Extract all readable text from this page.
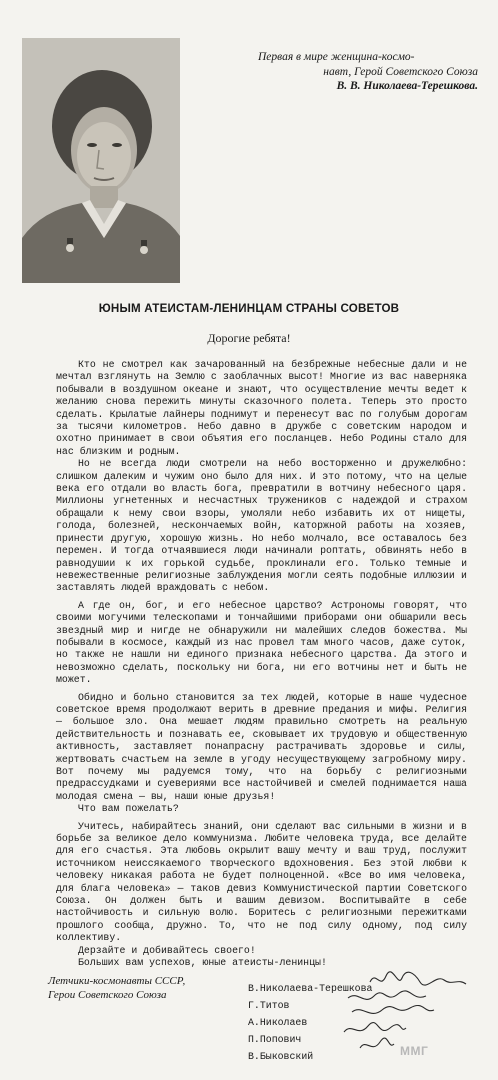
Первая в мире женщина-космо-
навт, Герой Советского Союза
В. В. Николаева-Терешкова.
ЮНЫМ АТЕИСТАМ-ЛЕНИНЦАМ СТРАНЫ СОВЕТОВ
Дорогие ребята!

Кто не смотрел как зачарованный на безбрежные небесные дали и не мечтал взглянуть на Землю с заоблачных высот! Многие из вас наверняка побывали в воздушном океане и знают, что осуществление мечты ведет к желанию снова пережить минуты сказочного полета. Теперь это просто сделать. Крылатые лайнеры поднимут и перенесут вас по голубым дорогам за тысячи километров. Небо давно в дружбе с советским народом и охотно принимает в свои объятия его посланцев. Небо Родины стало для нас близким и родным.

Но не всегда люди смотрели на небо восторженно и дружелюбно: слишком далеким и чужим оно было для них. И это потому, что на целые века его отдали во власть бога, превратили в вотчину небесного царя. Миллионы угнетенных и несчастных тружеников с надеждой и страхом обращали к нему свои взоры, умоляли небо избавить их от нищеты, голода, болезней, нескончаемых войн, каторжной работы на хозяев, принести другую, хорошую жизнь. Но небо молчало, все оставалось без перемен. И тогда отчаявшиеся люди начинали роптать, обвинять небо в равнодушии к их горькой судьбе, проклинали его. Только темные и невежественные религиозные заблуждения могли сеять подобные иллюзии и заставлять людей враждовать с небом.

А где он, бог, и его небесное царство? Астрономы говорят, что своими могучими телескопами и тончайшими приборами они обшарили весь звездный мир и нигде не обнаружили ни малейших следов божества. Мы побывали в космосе, каждый из нас провел там много часов, даже суток, но также не нашли ни единого признака небесного царства. Да этого и невозможно сделать, поскольку ни бога, ни его вотчины нет и быть не может.

Обидно и больно становится за тех людей, которые в наше чудесное советское время продолжают верить в древние предания и мифы. Религия — большое зло. Она мешает людям правильно смотреть на реальную действительность и познавать ее, сковывает их трудовую и общественную активность, заставляет понапрасну растрачивать здоровье и силы, жертвовать счастьем на земле в угоду несуществующему загробному миру. Вот почему мы радуемся тому, что на борьбу с религиозными предрассудками и суевериями все настойчивей и смелей поднимается наша молодая смена — вы, наши юные друзья!

Что вам пожелать?

Учитесь, набирайтесь знаний, они сделают вас сильными в жизни и в борьбе за великое дело коммунизма. Любите человека труда, все делайте для его счастья. Эта любовь окрылит вашу мечту и ваш труд, послужит источником неиссякаемого творческого вдохновения. Без этой любви к человеку никакая работа не будет полноценной. «Все во имя человека, для блага человека» — таков девиз Коммунистической партии Советского Союза. Он должен быть и вашим девизом. Воспитывайте в себе настойчивость и сильную волю. Боритесь с религиозными пережитками прошлого сообща, дружно. То, что не под силу одному, под силу коллективу.

Дерзайте и добивайтесь своего!

Больших вам успехов, юные атеисты-ленинцы!

Летчики-космонавты СССР,
Герои Советского Союза
В.Николаева-Терешкова
Г.Титов
А.Николаев
П.Попович
В.Быковский	ММГ
